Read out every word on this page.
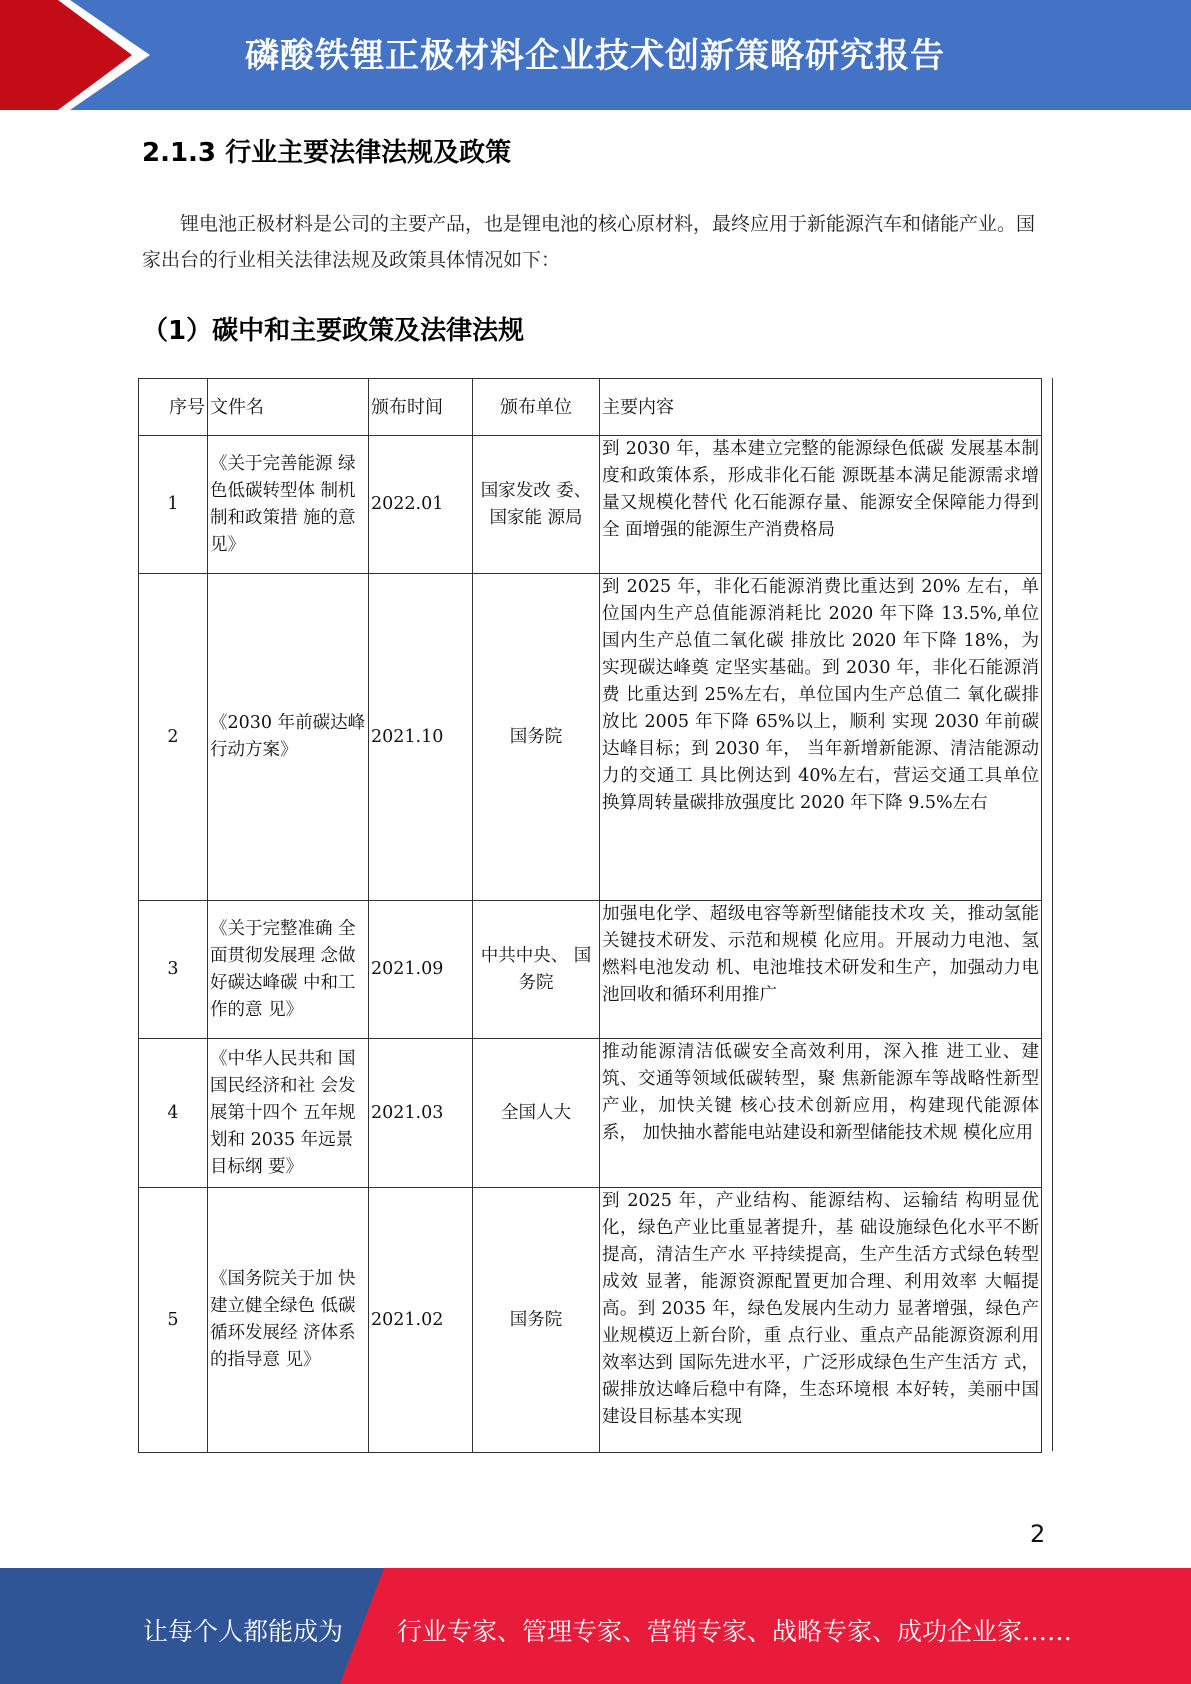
磷酸铁锂正极材料企业技术创新策略研究报告
2.1.3 行业主要法律法规及政策

锂电池正极材料是公司的主要产品，也是锂电池的核心原材料，最终应用于新能源汽车和储能产业。国家出台的行业相关法律法规及政策具体情况如下：

（1）碳中和主要政策及法律法规
序号	文件名	颁布时间	颁布单位	主要内容
1	《关于完善能源 绿色低碳转型体 制机制和政策措 施的意见》	2022.01	国家发改 委、国家能 源局	到 2030 年，基本建立完整的能源绿色低碳 发展基本制度和政策体系，形成非化石能 源既基本满足能源需求增量又规模化替代 化石能源存量、能源安全保障能力得到全 面增强的能源生产消费格局
2	《2030 年前碳达峰行动方案》	2021.10	国务院	到 2025 年，非化石能源消费比重达到 20% 左右，单位国内生产总值能源消耗比 2020 年下降 13.5%,单位国内生产总值二氧化碳 排放比 2020 年下降 18%，为实现碳达峰奠 定坚实基础。到 2030 年，非化石能源消费 比重达到 25%左右，单位国内生产总值二 氧化碳排放比 2005 年下降 65%以上，顺利 实现 2030 年前碳达峰目标；到 2030 年， 当年新增新能源、清洁能源动力的交通工 具比例达到 40%左右，营运交通工具单位 换算周转量碳排放强度比 2020 年下降 9.5%左右
3	《关于完整准确 全面贯彻发展理 念做好碳达峰碳 中和工作的意 见》	2021.09	中共中央、 国务院	加强电化学、超级电容等新型储能技术攻 关，推动氢能关键技术研发、示范和规模 化应用。开展动力电池、氢燃料电池发动 机、电池堆技术研发和生产，加强动力电 池回收和循环利用推广
4	《中华人民共和 国国民经济和社 会发展第十四个 五年规划和 2035 年远景目标纲 要》	2021.03	全国人大	推动能源清洁低碳安全高效利用，深入推 进工业、建筑、交通等领域低碳转型，聚 焦新能源车等战略性新型产业，加快关键 核心技术创新应用，构建现代能源体系， 加快抽水蓄能电站建设和新型储能技术规 模化应用
5	《国务院关于加 快建立健全绿色 低碳循环发展经 济体系的指导意 见》	2021.02	国务院	到 2025 年，产业结构、能源结构、运输结 构明显优化，绿色产业比重显著提升，基 础设施绿色化水平不断提高，清洁生产水 平持续提高，生产生活方式绿色转型成效 显著，能源资源配置更加合理、利用效率 大幅提高。到 2035 年，绿色发展内生动力 显著增强，绿色产业规模迈上新台阶，重 点行业、重点产品能源资源利用效率达到 国际先进水平，广泛形成绿色生产生活方 式，碳排放达峰后稳中有降，生态环境根 本好转，美丽中国建设目标基本实现
2
让每个人都能成为 行业专家、管理专家、营销专家、战略专家、成功企业家……
